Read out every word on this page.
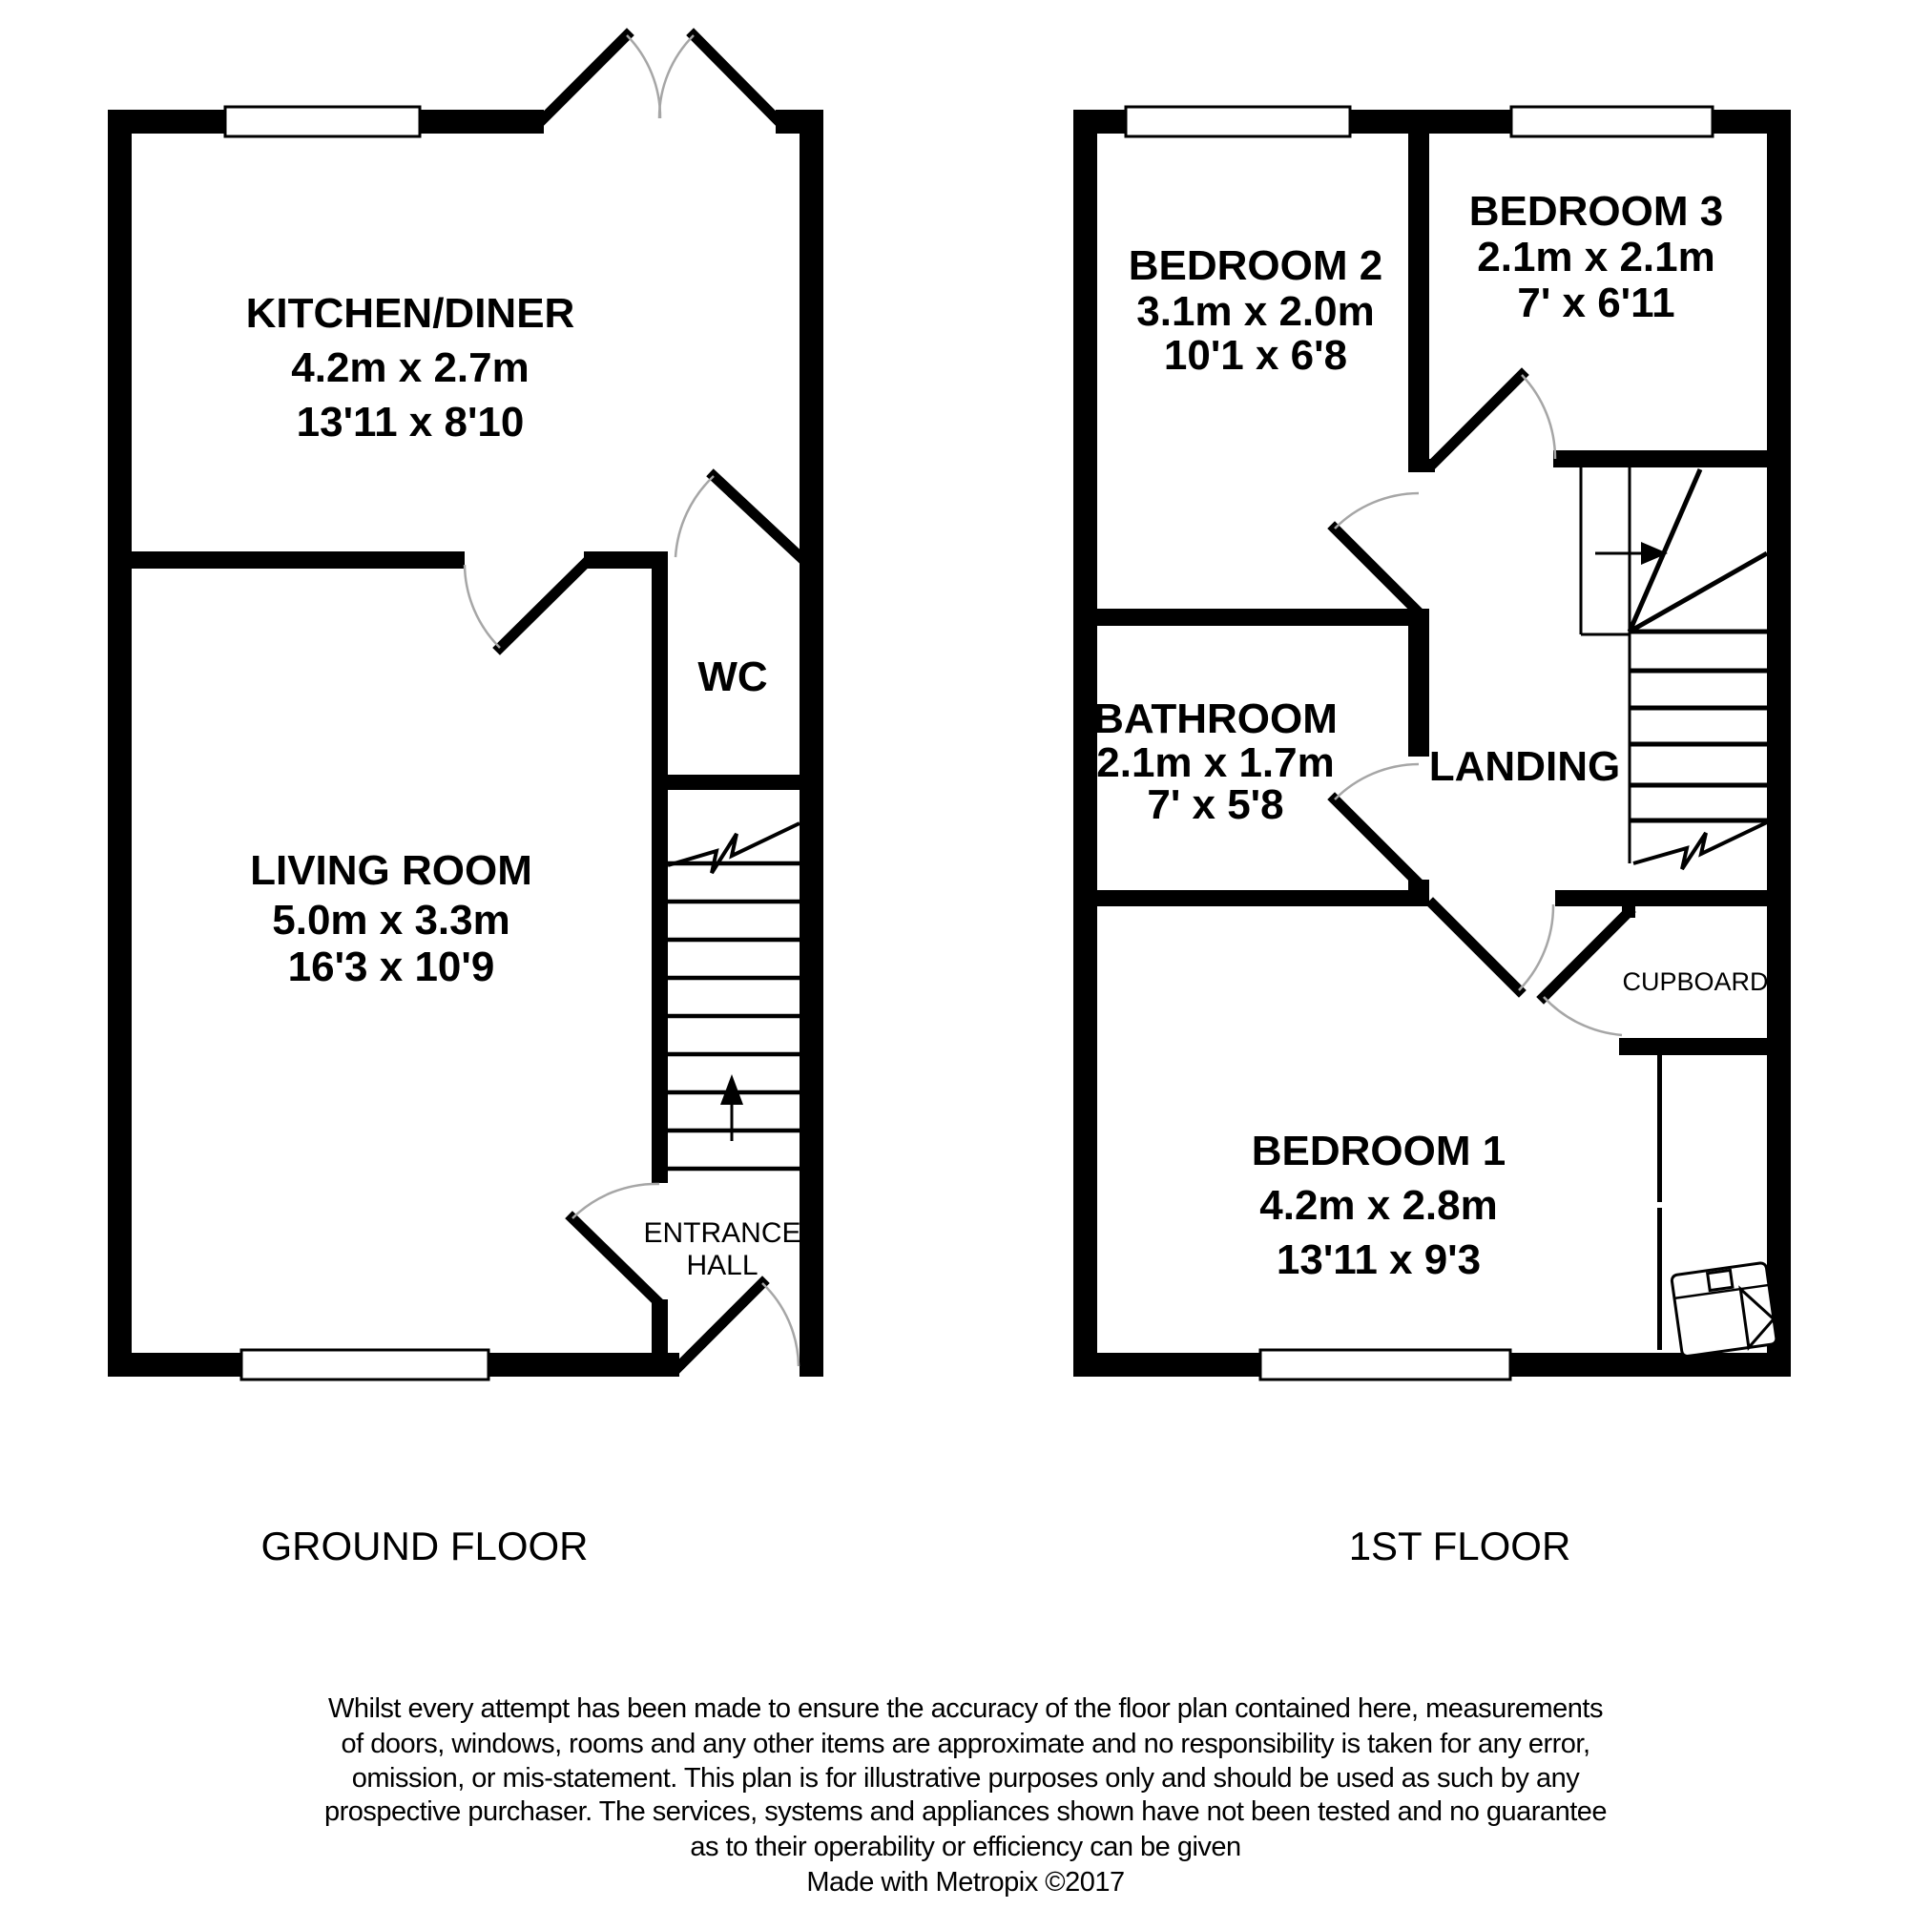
KITCHEN/DINER
4.2m x 2.7m
13'11 x 8'10
WC
LIVING ROOM
5.0m x 3.3m
16'3 x 10'9
ENTRANCE
HALL
GROUND FLOOR
BEDROOM 2
3.1m x 2.0m
10'1 x 6'8
BEDROOM 3
2.1m x 2.1m
7' x 6'11
BATHROOM
2.1m x 1.7m
7' x 5'8
LANDING
CUPBOARD
BEDROOM 1
4.2m x 2.8m
13'11 x 9'3
1ST FLOOR
Whilst every attempt has been made to ensure the accuracy of the floor plan contained here, measurements
of doors, windows, rooms and any other items are approximate and no responsibility is taken for any error,
omission, or mis-statement. This plan is for illustrative purposes only and should be used as such by any
prospective purchaser. The services, systems and appliances shown have not been tested and no guarantee
as to their operability or efficiency can be given
Made with Metropix ©2017
